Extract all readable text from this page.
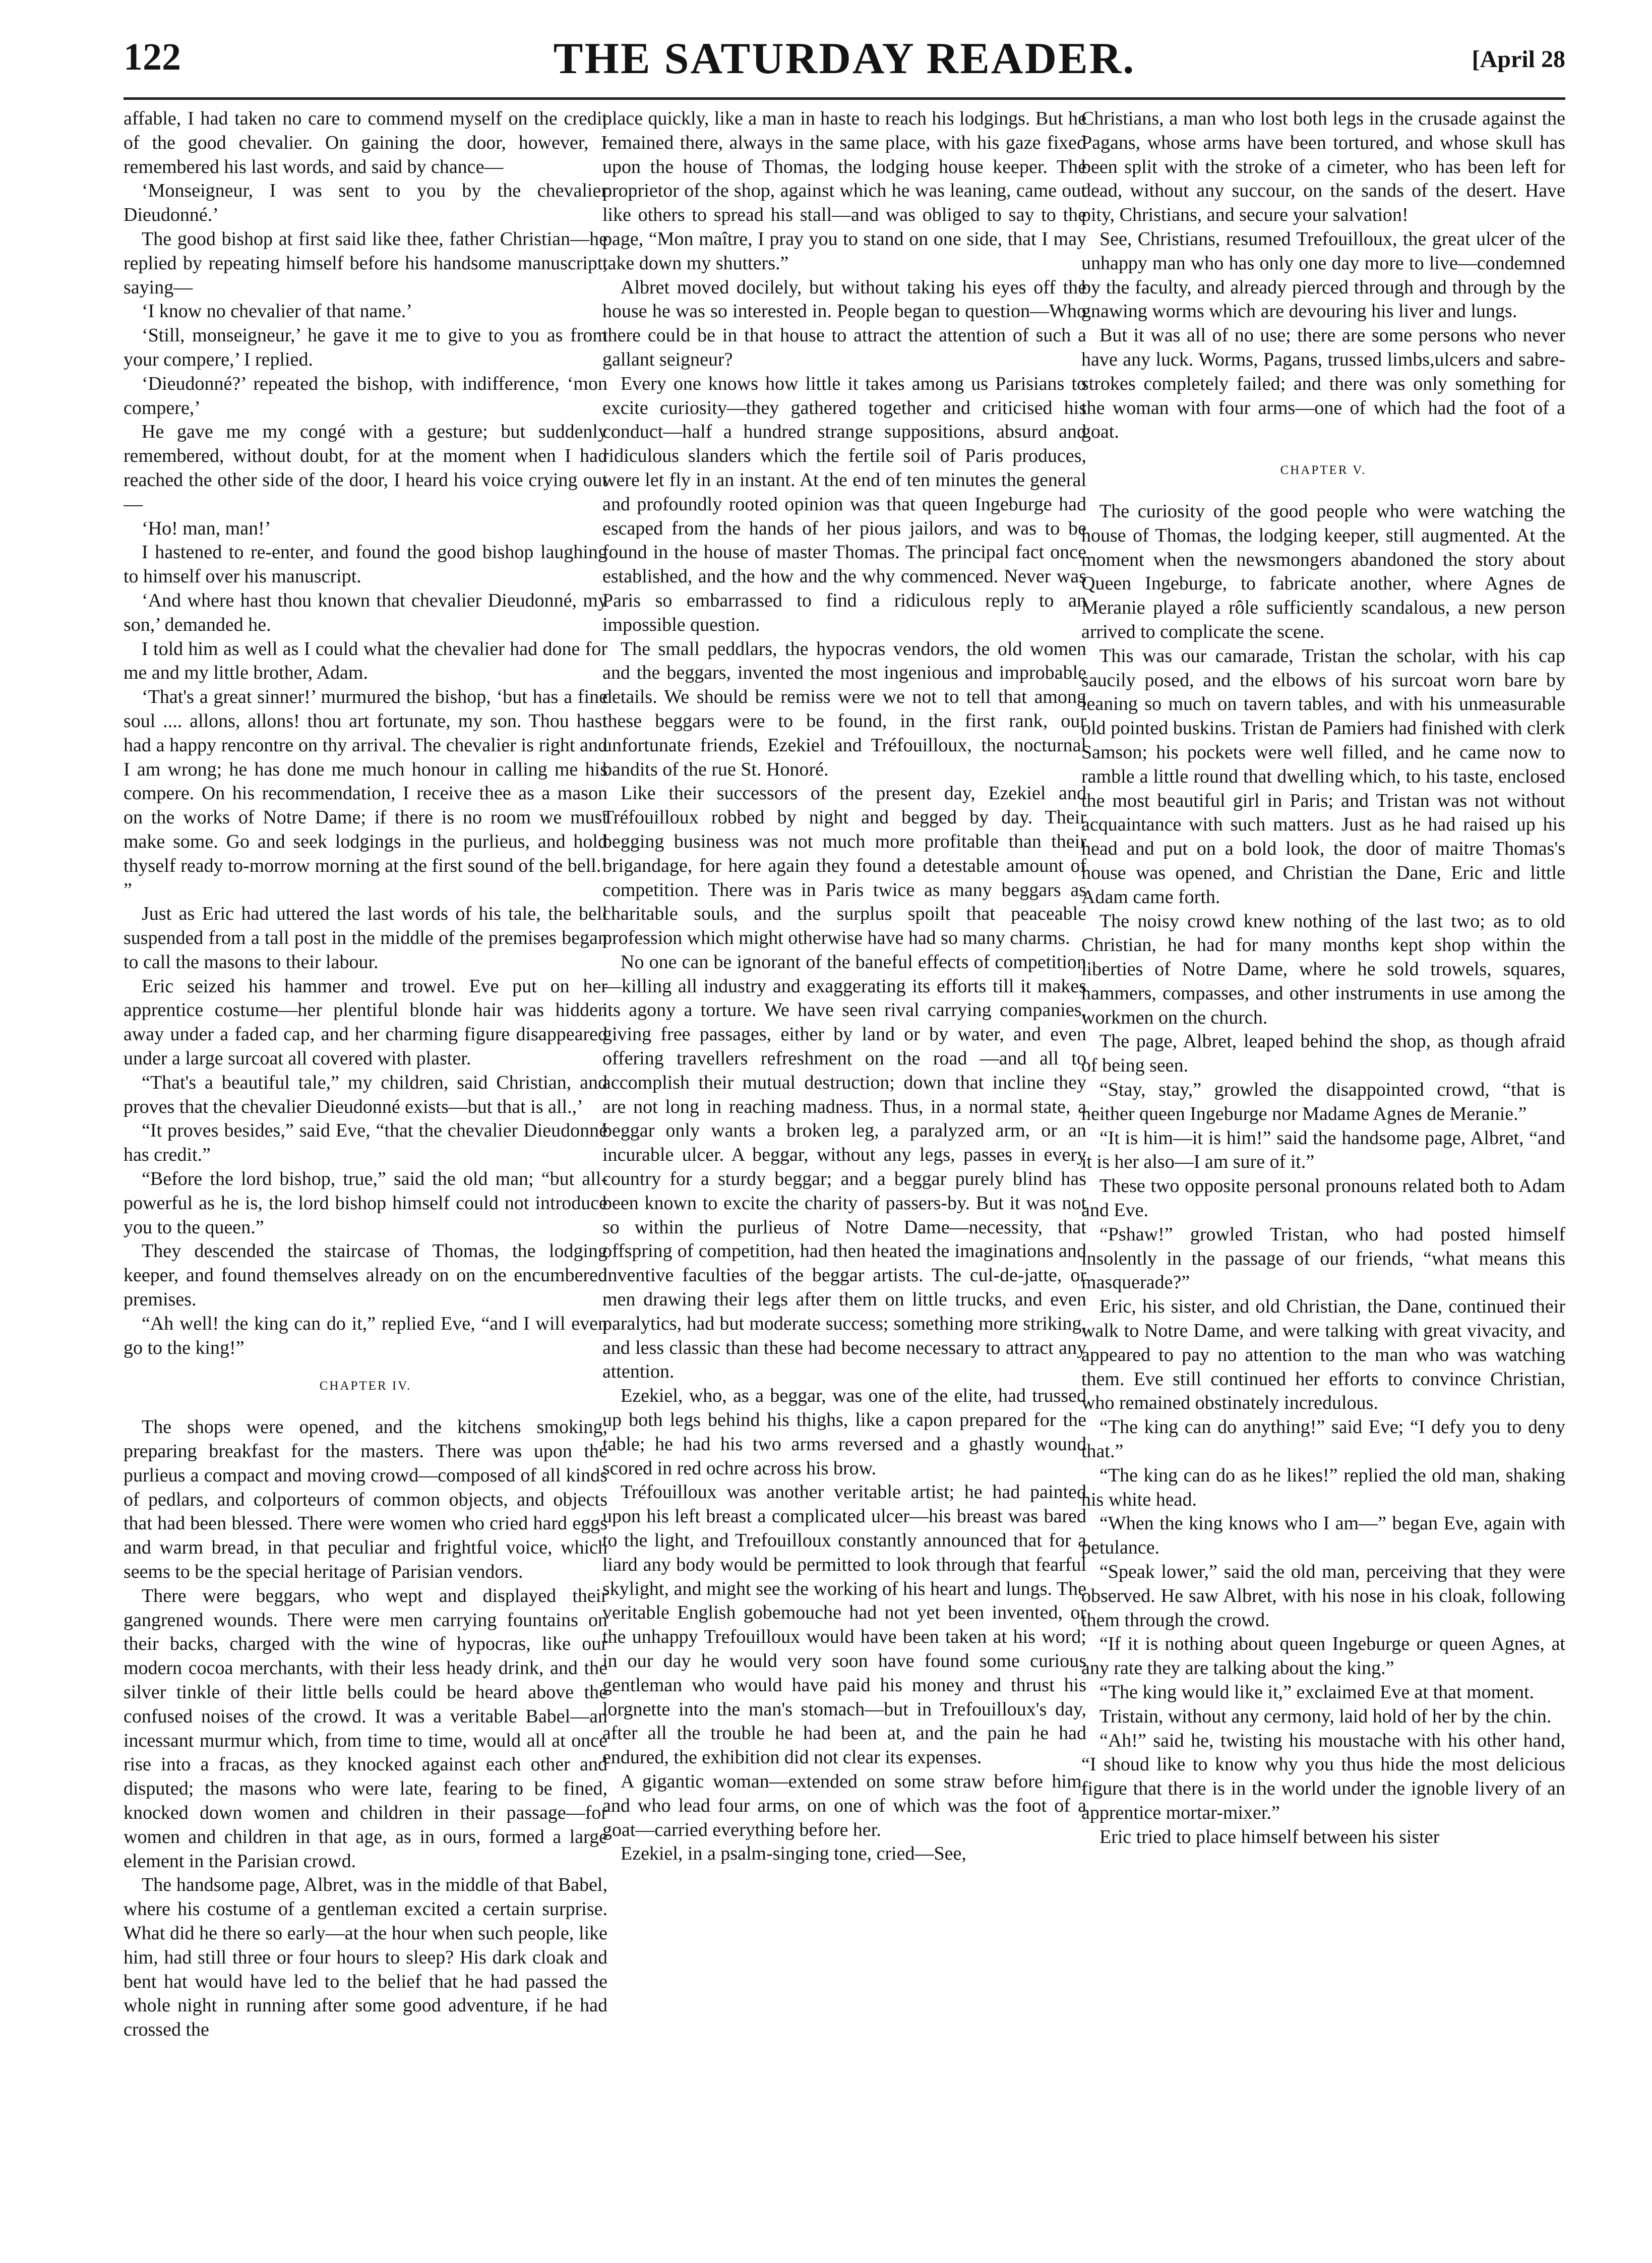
122	THE SATURDAY READER.	[April 28

affable, I had taken no care to commend myself on the credit of the good chevalier. On gaining the door, however, I remembered his last words, and said by chance—

‘Monseigneur, I was sent to you by the chevalier Dieudonné.’

The good bishop at first said like thee, father Christian—he replied by repeating himself before his handsome manuscript, saying—

‘I know no chevalier of that name.’

‘Still, monseigneur,’ he gave it me to give to you as from your compere,’ I replied.

‘Dieudonné?’ repeated the bishop, with indifference, ‘mon compere,’

He gave me my congé with a gesture; but suddenly remembered, without doubt, for at the moment when I had reached the other side of the door, I heard his voice crying out—

‘Ho! man, man!’

I hastened to re-enter, and found the good bishop laughing to himself over his manuscript.

‘And where hast thou known that chevalier Dieudonné, my son,’ demanded he.

I told him as well as I could what the chevalier had done for me and my little brother, Adam.

‘That's a great sinner!’ murmured the bishop, ‘but has a fine soul .... allons, allons! thou art fortunate, my son. Thou hast had a happy rencontre on thy arrival. The chevalier is right and I am wrong; he has done me much honour in calling me his compere. On his recommendation, I receive thee as a mason on the works of Notre Dame; if there is no room we must make some. Go and seek lodgings in the purlieus, and hold thyself ready to-morrow morning at the first sound of the bell.’ ”

Just as Eric had uttered the last words of his tale, the bell suspended from a tall post in the middle of the premises began to call the masons to their labour.

Eric seized his hammer and trowel. Eve put on her apprentice costume—her plentiful blonde hair was hidden away under a faded cap, and her charming figure disappeared under a large surcoat all covered with plaster.

“That's a beautiful tale,” my children, said Christian, and proves that the chevalier Dieudonné exists—but that is all.,’

“It proves besides,” said Eve, “that the chevalier Dieudonné has credit.”

“Before the lord bishop, true,” said the old man; “but all-powerful as he is, the lord bishop himself could not introduce you to the queen.”

They descended the staircase of Thomas, the lodging keeper, and found themselves already on on the encumbered premises.

“Ah well! the king can do it,” replied Eve, “and I will even go to the king!”

CHAPTER IV.

The shops were opened, and the kitchens smoking, preparing breakfast for the masters. There was upon the purlieus a compact and moving crowd—composed of all kinds of pedlars, and colporteurs of common objects, and objects that had been blessed. There were women who cried hard eggs and warm bread, in that peculiar and frightful voice, which seems to be the special heritage of Parisian vendors.

There were beggars, who wept and displayed their gangrened wounds. There were men carrying fountains on their backs, charged with the wine of hypocras, like our modern cocoa merchants, with their less heady drink, and the silver tinkle of their little bells could be heard above the confused noises of the crowd. It was a veritable Babel—an incessant murmur which, from time to time, would all at once rise into a fracas, as they knocked against each other and disputed; the masons who were late, fearing to be fined, knocked down women and children in their passage—for women and children in that age, as in ours, formed a large element in the Parisian crowd.

The handsome page, Albret, was in the middle of that Babel, where his costume of a gentleman excited a certain surprise. What did he there so early—at the hour when such people, like him, had still three or four hours to sleep? His dark cloak and bent hat would have led to the belief that he had passed the whole night in running after some good adventure, if he had crossed the

place quickly, like a man in haste to reach his lodgings. But he remained there, always in the same place, with his gaze fixed upon the house of Thomas, the lodging house keeper. The proprietor of the shop, against which he was leaning, came out like others to spread his stall—and was obliged to say to the page, “Mon maître, I pray you to stand on one side, that I may take down my shutters.”

Albret moved docilely, but without taking his eyes off the house he was so interested in. People began to question—Who there could be in that house to attract the attention of such a gallant seigneur?

Every one knows how little it takes among us Parisians to excite curiosity—they gathered together and criticised his conduct—half a hundred strange suppositions, absurd and ridiculous slanders which the fertile soil of Paris produces, were let fly in an instant. At the end of ten minutes the general and profoundly rooted opinion was that queen Ingeburge had escaped from the hands of her pious jailors, and was to be found in the house of master Thomas. The principal fact once established, and the how and the why commenced. Never was Paris so embarrassed to find a ridiculous reply to an impossible question.

The small peddlars, the hypocras vendors, the old women and the beggars, invented the most ingenious and improbable details. We should be remiss were we not to tell that among these beggars were to be found, in the first rank, our unfortunate friends, Ezekiel and Tréfouilloux, the nocturnal bandits of the rue St. Honoré.

Like their successors of the present day, Ezekiel and Tréfouilloux robbed by night and begged by day. Their begging business was not much more profitable than their brigandage, for here again they found a detestable amount of competition. There was in Paris twice as many beggars as charitable souls, and the surplus spoilt that peaceable profession which might otherwise have had so many charms.

No one can be ignorant of the baneful effects of competition—killing all industry and exaggerating its efforts till it makes its agony a torture. We have seen rival carrying companies, giving free passages, either by land or by water, and even offering travellers refreshment on the road —and all to accomplish their mutual destruction; down that incline they are not long in reaching madness. Thus, in a normal state, a beggar only wants a broken leg, a paralyzed arm, or an incurable ulcer. A beggar, without any legs, passes in every country for a sturdy beggar; and a beggar purely blind has been known to excite the charity of passers-by. But it was not so within the purlieus of Notre Dame—necessity, that offspring of competition, had then heated the imaginations and inventive faculties of the beggar artists. The cul-de-jatte, or men drawing their legs after them on little trucks, and even paralytics, had but moderate success; something more striking, and less classic than these had become necessary to attract any attention.

Ezekiel, who, as a beggar, was one of the elite, had trussed up both legs behind his thighs, like a capon prepared for the table; he had his two arms reversed and a ghastly wound scored in red ochre across his brow.

Tréfouilloux was another veritable artist; he had painted upon his left breast a complicated ulcer—his breast was bared to the light, and Trefouilloux constantly announced that for a liard any body would be permitted to look through that fearful skylight, and might see the working of his heart and lungs. The veritable English gobemouche had not yet been invented, or the unhappy Trefouilloux would have been taken at his word; in our day he would very soon have found some curious gentleman who would have paid his money and thrust his lorgnette into the man's stomach—but in Trefouilloux's day, after all the trouble he had been at, and the pain he had endured, the exhibition did not clear its expenses.

A gigantic woman—extended on some straw before him, and who lead four arms, on one of which was the foot of a goat—carried everything before her.

Ezekiel, in a psalm-singing tone, cried—See,

Christians, a man who lost both legs in the crusade against the Pagans, whose arms have been tortured, and whose skull has been split with the stroke of a cimeter, who has been left for dead, without any succour, on the sands of the desert. Have pity, Christians, and secure your salvation!

See, Christians, resumed Trefouilloux, the great ulcer of the unhappy man who has only one day more to live—condemned by the faculty, and already pierced through and through by the gnawing worms which are devouring his liver and lungs.

But it was all of no use; there are some persons who never have any luck. Worms, Pagans, trussed limbs,ulcers and sabre-strokes completely failed; and there was only something for the woman with four arms—one of which had the foot of a goat.

CHAPTER V.

The curiosity of the good people who were watching the house of Thomas, the lodging keeper, still augmented. At the moment when the newsmongers abandoned the story about Queen Ingeburge, to fabricate another, where Agnes de Meranie played a rôle sufficiently scandalous, a new person arrived to complicate the scene.

This was our camarade, Tristan the scholar, with his cap saucily posed, and the elbows of his surcoat worn bare by leaning so much on tavern tables, and with his unmeasurable old pointed buskins. Tristan de Pamiers had finished with clerk Samson; his pockets were well filled, and he came now to ramble a little round that dwelling which, to his taste, enclosed the most beautiful girl in Paris; and Tristan was not without acquaintance with such matters. Just as he had raised up his head and put on a bold look, the door of maitre Thomas's house was opened, and Christian the Dane, Eric and little Adam came forth.

The noisy crowd knew nothing of the last two; as to old Christian, he had for many months kept shop within the liberties of Notre Dame, where he sold trowels, squares, hammers, compasses, and other instruments in use among the workmen on the church.

The page, Albret, leaped behind the shop, as though afraid of being seen.

“Stay, stay,” growled the disappointed crowd, “that is neither queen Ingeburge nor Madame Agnes de Meranie.”

“It is him—it is him!” said the handsome page, Albret, “and it is her also—I am sure of it.”

These two opposite personal pronouns related both to Adam and Eve.

“Pshaw!” growled Tristan, who had posted himself insolently in the passage of our friends, “what means this masquerade?”

Eric, his sister, and old Christian, the Dane, continued their walk to Notre Dame, and were talking with great vivacity, and appeared to pay no attention to the man who was watching them. Eve still continued her efforts to convince Christian, who remained obstinately incredulous.

“The king can do anything!” said Eve; “I defy you to deny that.”

“The king can do as he likes!” replied the old man, shaking his white head.

“When the king knows who I am—” began Eve, again with petulance.

“Speak lower,” said the old man, perceiving that they were observed. He saw Albret, with his nose in his cloak, following them through the crowd.

“If it is nothing about queen Ingeburge or queen Agnes, at any rate they are talking about the king.”

“The king would like it,” exclaimed Eve at that moment.

Tristain, without any cermony, laid hold of her by the chin.

“Ah!” said he, twisting his moustache with his other hand, “I shoud like to know why you thus hide the most delicious figure that there is in the world under the ignoble livery of an apprentice mortar-mixer.”

Eric tried to place himself between his sister
